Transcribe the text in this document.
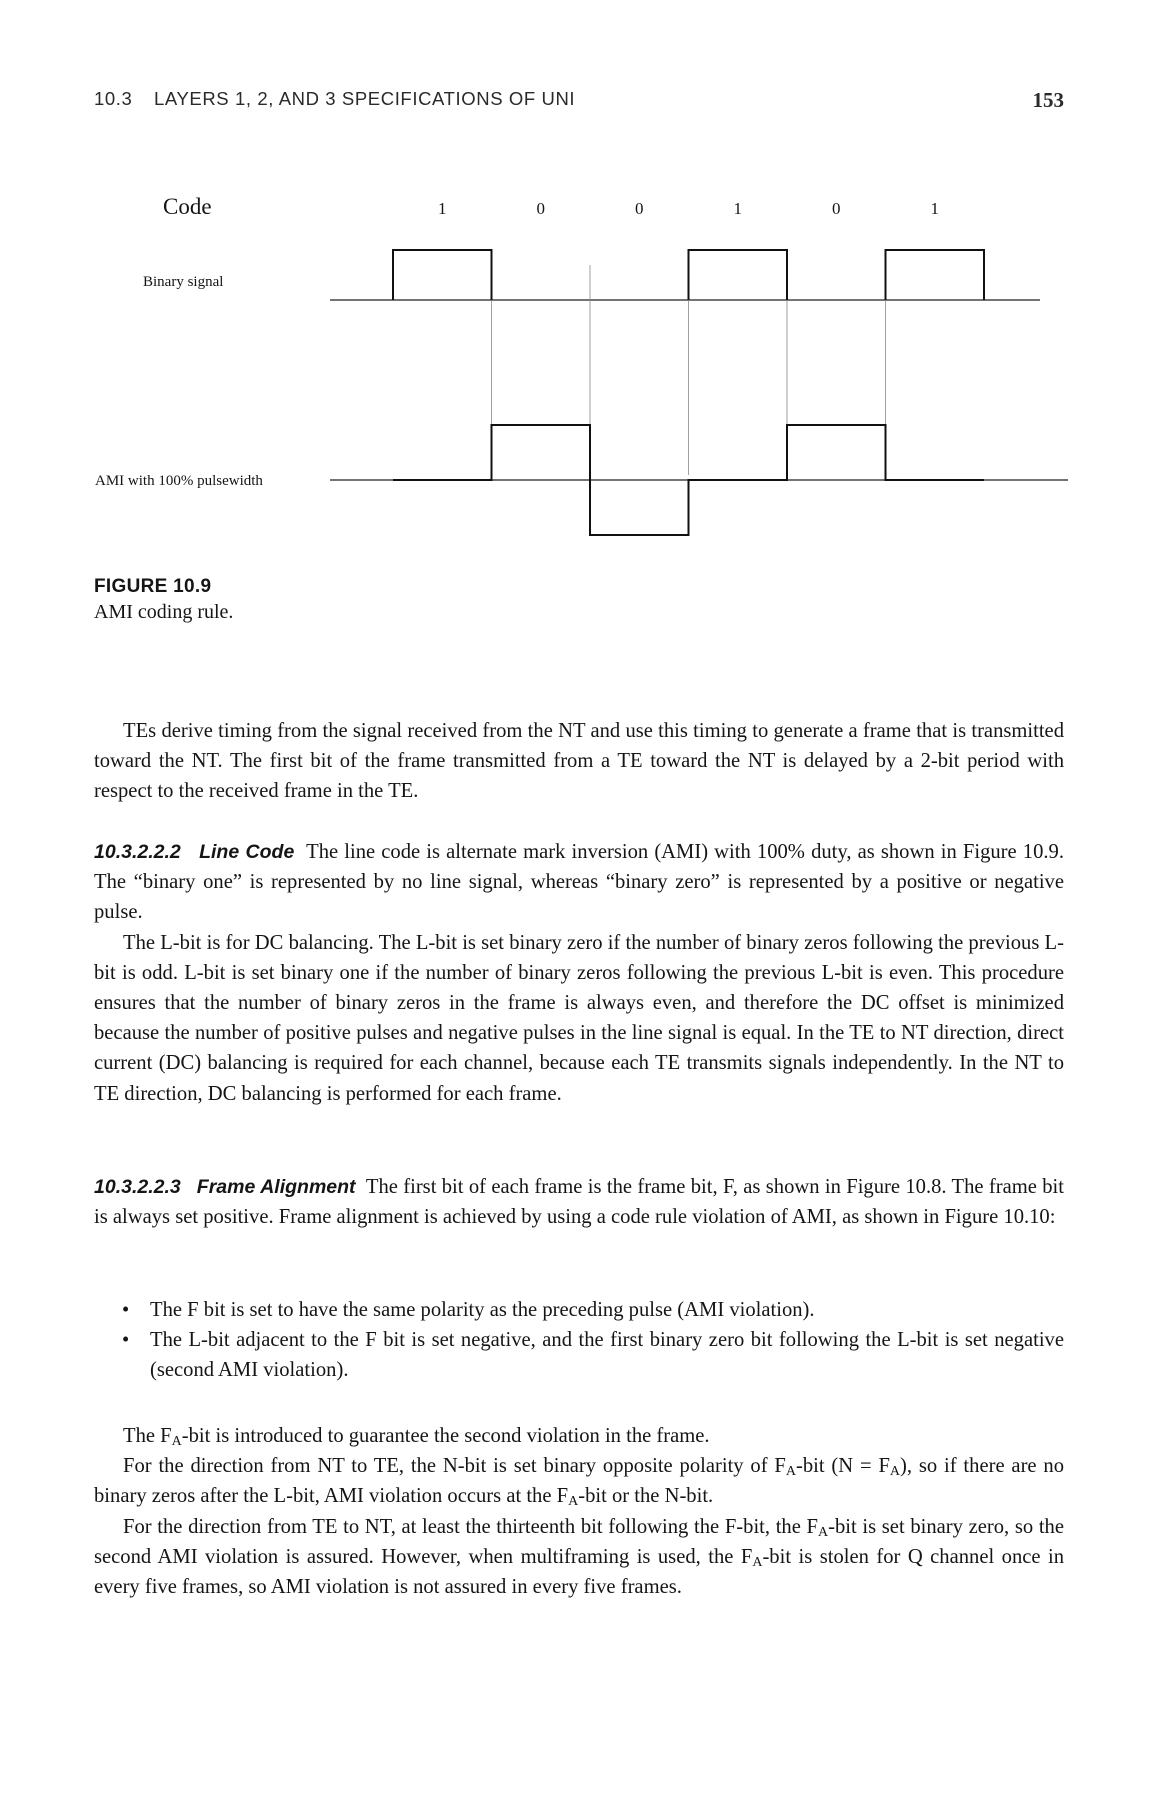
10.3 LAYERS 1, 2, AND 3 SPECIFICATIONS OF UNI	153
Code	1	0	0	1	0	1
Binary signal
AMI with 100% pulsewidth
FIGURE 10.9
AMI coding rule.

TEs derive timing from the signal received from the NT and use this timing to generate a frame that is transmitted toward the NT. The first bit of the frame transmitted from a TE toward the NT is delayed by a 2-bit period with respect to the received frame in the TE.

10.3.2.2.2 Line Code The line code is alternate mark inversion (AMI) with 100% duty, as shown in Figure 10.9. The “binary one” is represented by no line signal, whereas “binary zero” is represented by a positive or negative pulse.

The L-bit is for DC balancing. The L-bit is set binary zero if the number of binary zeros following the previous L-bit is odd. L-bit is set binary one if the number of binary zeros following the previous L-bit is even. This procedure ensures that the number of binary zeros in the frame is always even, and therefore the DC offset is minimized because the number of positive pulses and negative pulses in the line signal is equal. In the TE to NT direction, direct current (DC) balancing is required for each channel, because each TE transmits signals independently. In the NT to TE direction, DC balancing is performed for each frame.

10.3.2.2.3 Frame Alignment The first bit of each frame is the frame bit, F, as shown in Figure 10.8. The frame bit is always set positive. Frame alignment is achieved by using a code rule violation of AMI, as shown in Figure 10.10:

• The F bit is set to have the same polarity as the preceding pulse (AMI violation).
• The L-bit adjacent to the F bit is set negative, and the first binary zero bit following the L-bit is set negative (second AMI violation).

The $F_A$-bit is introduced to guarantee the second violation in the frame.

For the direction from NT to TE, the N-bit is set binary opposite polarity of $F_A$-bit $(N = F_A)$, so if there are no binary zeros after the L-bit, AMI violation occurs at the $F_A$-bit or the N-bit.

For the direction from TE to NT, at least the thirteenth bit following the F-bit, the $F_A$-bit is set binary zero, so the second AMI violation is assured. However, when multiframing is used, the $F_A$-bit is stolen for Q channel once in every five frames, so AMI violation is not assured in every five frames.
